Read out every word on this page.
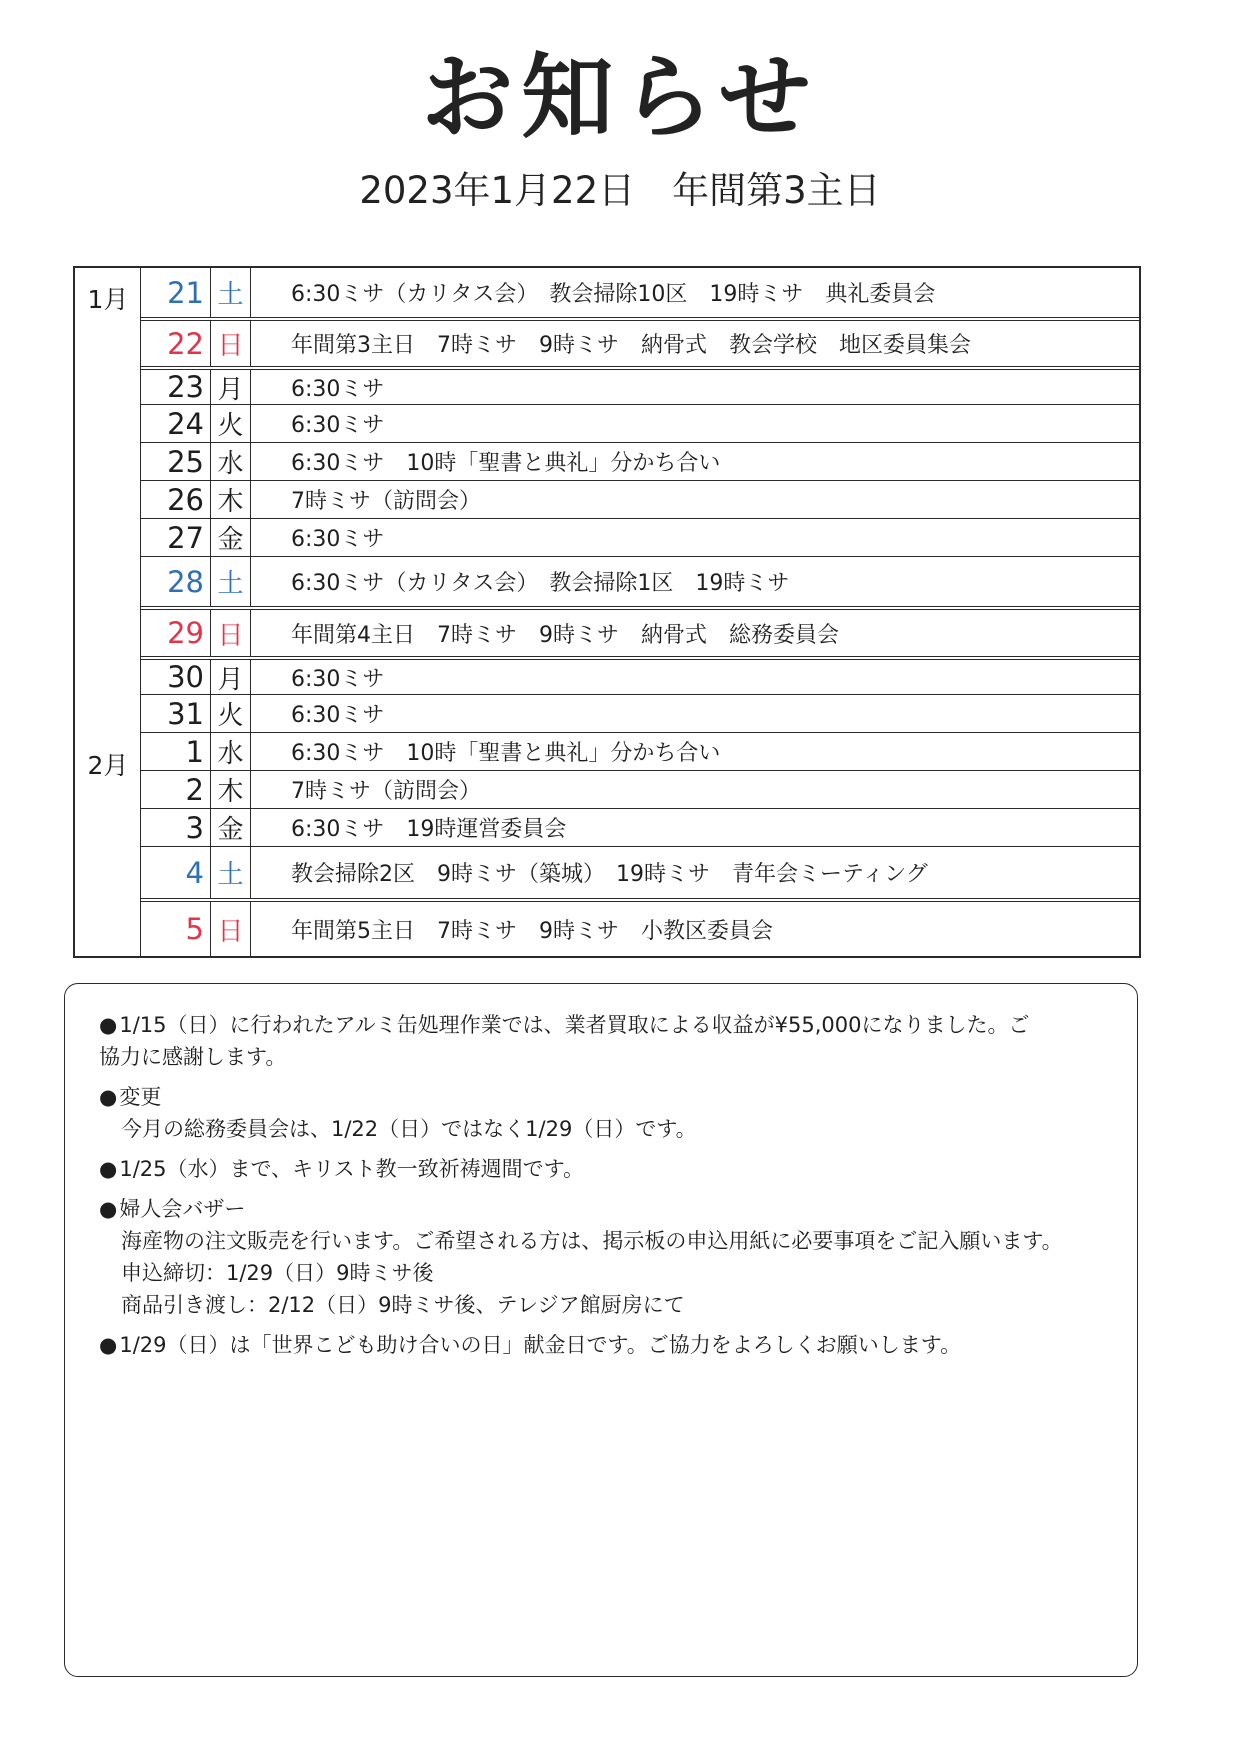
お知らせ
2023年1月22日　年間第3主日
1月
2月
21 土	6:30ミサ（カリタス会）　教会掃除10区　19時ミサ　典礼委員会
22 日	年間第3主日　7時ミサ　9時ミサ　納骨式　教会学校　地区委員集会
23 月	6:30ミサ
24 火	6:30ミサ
25 水	6:30ミサ　10時「聖書と典礼」分かち合い
26 木	7時ミサ（訪問会）
27 金	6:30ミサ
28 土	6:30ミサ（カリタス会）　教会掃除1区　19時ミサ
29 日	年間第4主日　7時ミサ　9時ミサ　納骨式　総務委員会
30 月	6:30ミサ
31 火	6:30ミサ
1 水	6:30ミサ　10時「聖書と典礼」分かち合い
2 木	7時ミサ（訪問会）
3 金	6:30ミサ　19時運営委員会
4 土	教会掃除2区　9時ミサ（築城）　19時ミサ　青年会ミーティング
5 日	年間第5主日　7時ミサ　9時ミサ　小教区委員会
●1/15（日）に行われたアルミ缶処理作業では、業者買取による収益が¥55,000になりました。ご
協力に感謝します。
●変更
今月の総務委員会は、1/22（日）ではなく1/29（日）です。
●1/25（水）まで、キリスト教一致祈祷週間です。
●婦人会バザー
海産物の注文販売を行います。ご希望される方は、掲示板の申込用紙に必要事項をご記入願います。
申込締切：1/29（日）9時ミサ後
商品引き渡し：2/12（日）9時ミサ後、テレジア館厨房にて
●1/29（日）は「世界こども助け合いの日」献金日です。ご協力をよろしくお願いします。
